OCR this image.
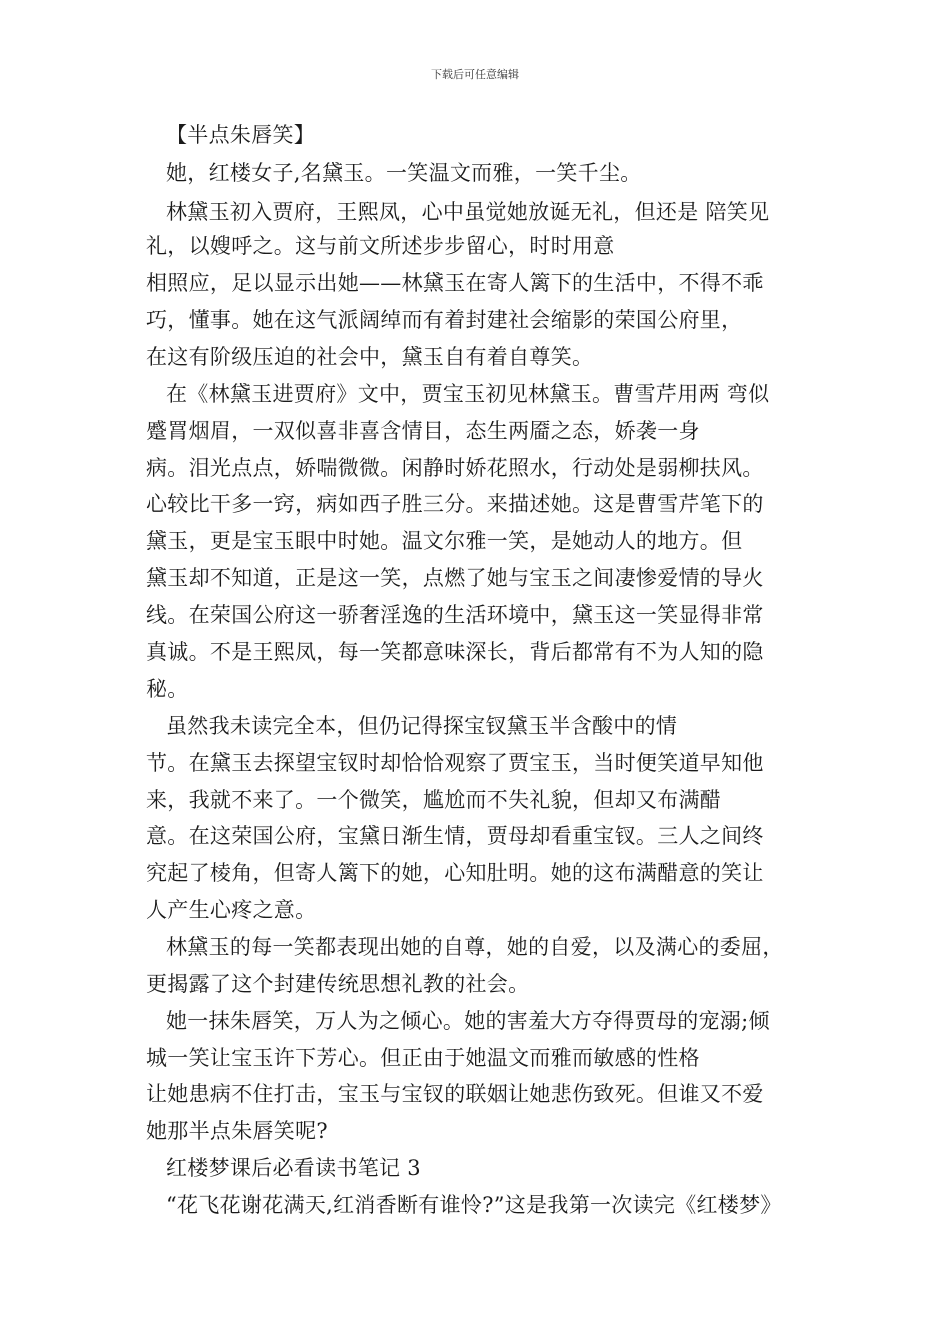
下载后可任意编辑
【半点朱唇笑】
她，红楼女子,名黛玉。一笑温文而雅，一笑千尘。
林黛玉初入贾府，王熙凤，心中虽觉她放诞无礼，但还是 陪笑见
礼，以嫂呼之。这与前文所述步步留心，时时用意
相照应，足以显示出她——林黛玉在寄人篱下的生活中，不得不乖
巧，懂事。她在这气派阔绰而有着封建社会缩影的荣国公府里，
在这有阶级压迫的社会中，黛玉自有着自尊笑。
在《林黛玉进贾府》文中，贾宝玉初见林黛玉。曹雪芹用两 弯似
蹙罥烟眉，一双似喜非喜含情目，态生两靥之态，娇袭一身
病。泪光点点，娇喘微微。闲静时娇花照水，行动处是弱柳扶风。
心较比干多一窍，病如西子胜三分。来描述她。这是曹雪芹笔下的
黛玉，更是宝玉眼中时她。温文尔雅一笑，是她动人的地方。但
黛玉却不知道，正是这一笑，点燃了她与宝玉之间凄惨爱情的导火
线。在荣国公府这一骄奢淫逸的生活环境中，黛玉这一笑显得非常
真诚。不是王熙凤，每一笑都意味深长，背后都常有不为人知的隐
秘。
虽然我未读完全本，但仍记得探宝钗黛玉半含酸中的情
节。在黛玉去探望宝钗时却恰恰观察了贾宝玉，当时便笑道早知他
来，我就不来了。一个微笑，尴尬而不失礼貌，但却又布满醋
意。在这荣国公府，宝黛日渐生情，贾母却看重宝钗。三人之间终
究起了棱角，但寄人篱下的她，心知肚明。她的这布满醋意的笑让
人产生心疼之意。
林黛玉的每一笑都表现出她的自尊，她的自爱，以及满心的委屈，
更揭露了这个封建传统思想礼教的社会。
她一抹朱唇笑，万人为之倾心。她的害羞大方夺得贾母的宠溺;倾
城一笑让宝玉许下芳心。但正由于她温文而雅而敏感的性格
让她患病不住打击，宝玉与宝钗的联姻让她悲伤致死。但谁又不爱
她那半点朱唇笑呢?
红楼梦课后必看读书笔记 3
“花飞花谢花满天,红消香断有谁怜?”这是我第一次读完《红楼梦》
